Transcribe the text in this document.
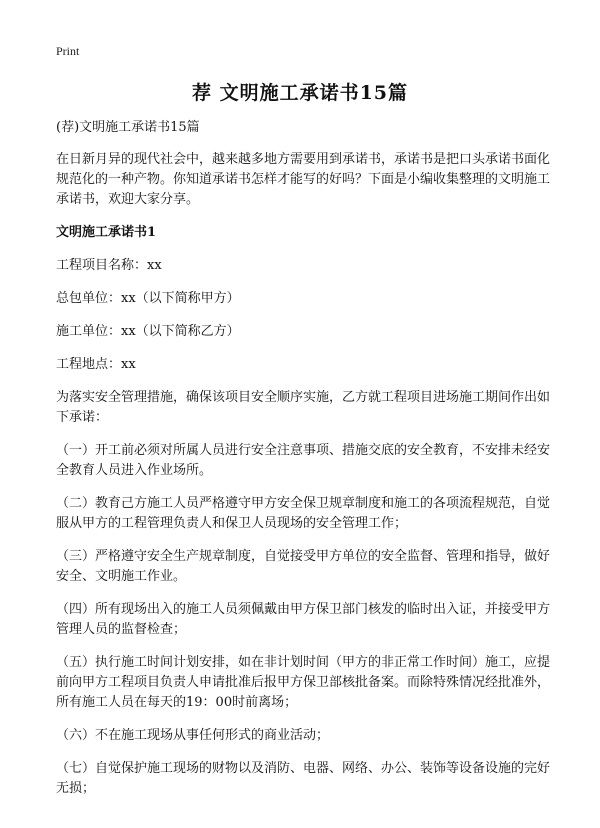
Print
荐 文明施工承诺书15篇

(荐)文明施工承诺书15篇

在日新月异的现代社会中，越来越多地方需要用到承诺书，承诺书是把口头承诺书面化规范化的一种产物。你知道承诺书怎样才能写的好吗？下面是小编收集整理的文明施工承诺书，欢迎大家分享。

文明施工承诺书1

工程项目名称：xx

总包单位：xx（以下简称甲方）

施工单位：xx（以下简称乙方）

工程地点：xx

为落实安全管理措施，确保该项目安全顺序实施，乙方就工程项目进场施工期间作出如下承诺：

（一）开工前必须对所属人员进行安全注意事项、措施交底的安全教育，不安排未经安全教育人员进入作业场所。

（二）教育己方施工人员严格遵守甲方安全保卫规章制度和施工的各项流程规范，自觉服从甲方的工程管理负责人和保卫人员现场的安全管理工作；

（三）严格遵守安全生产规章制度，自觉接受甲方单位的安全监督、管理和指导，做好安全、文明施工作业。

（四）所有现场出入的施工人员须佩戴由甲方保卫部门核发的临时出入证，并接受甲方管理人员的监督检查；

（五）执行施工时间计划安排，如在非计划时间（甲方的非正常工作时间）施工，应提前向甲方工程项目负责人申请批准后报甲方保卫部核批备案。而除特殊情况经批准外，所有施工人员在每天的19：00时前离场；

（六）不在施工现场从事任何形式的商业活动；

（七）自觉保护施工现场的财物以及消防、电器、网络、办公、装饰等设备设施的完好无损；
